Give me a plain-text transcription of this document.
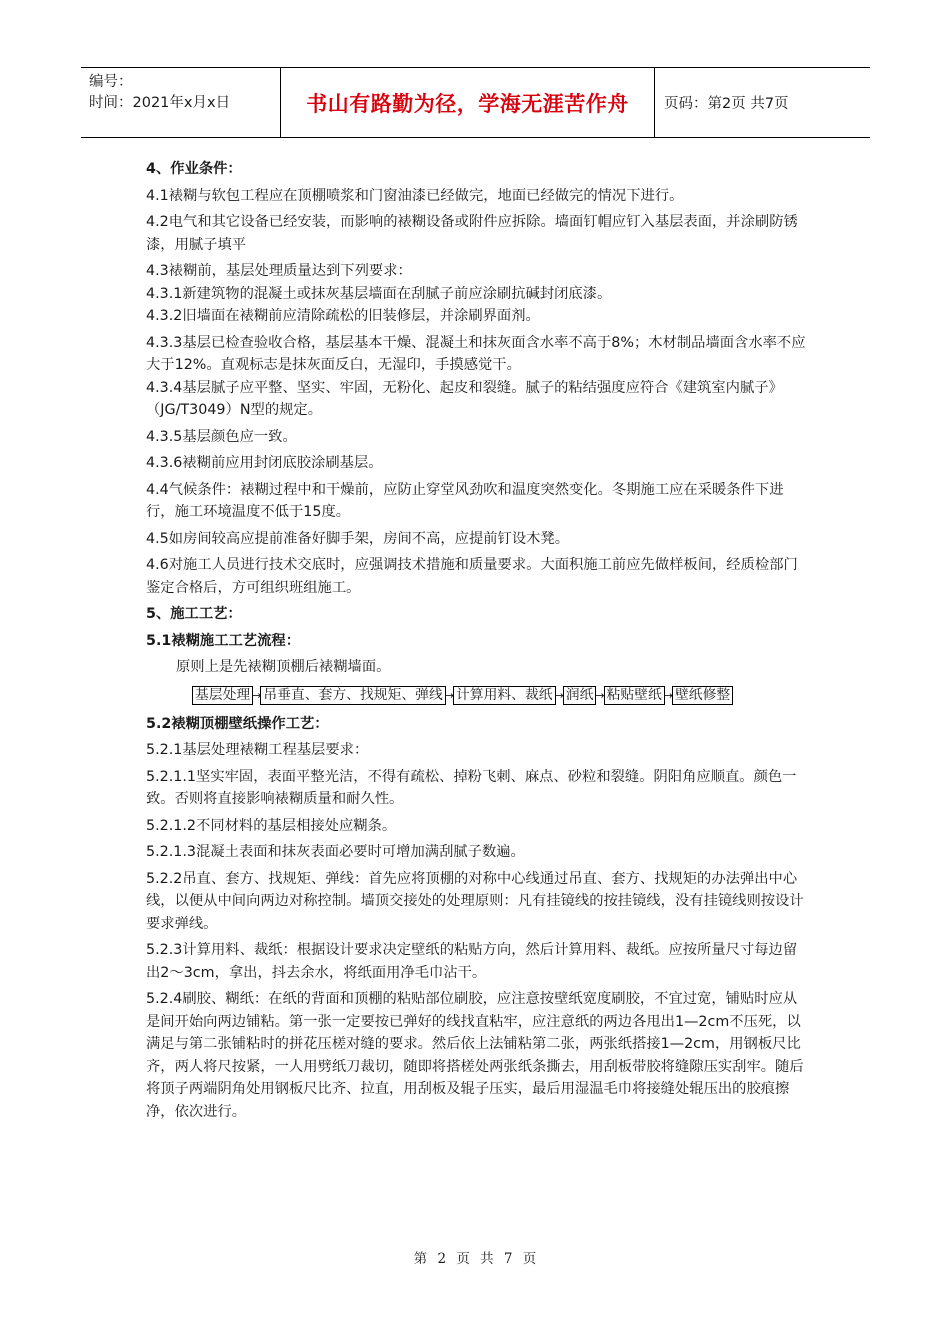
编号：
时间：2021年x月x日	书山有路勤为径，学海无涯苦作舟	页码：第2页 共7页
4、作业条件：
4.1裱糊与软包工程应在顶棚喷浆和门窗油漆已经做完，地面已经做完的情况下进行。
4.2电气和其它设备已经安装，而影响的裱糊设备或附件应拆除。墙面钉帽应钉入基层表面，并涂刷防锈漆，用腻子填平
4.3裱糊前，基层处理质量达到下列要求：
4.3.1新建筑物的混凝土或抹灰基层墙面在刮腻子前应涂刷抗碱封闭底漆。
4.3.2旧墙面在裱糊前应清除疏松的旧装修层，并涂刷界面剂。
4.3.3基层已检查验收合格，基层基本干燥、混凝土和抹灰面含水率不高于8%；木材制品墙面含水率不应大于12%。直观标志是抹灰面反白，无湿印，手摸感觉干。
4.3.4基层腻子应平整、坚实、牢固，无粉化、起皮和裂缝。腻子的粘结强度应符合《建筑室内腻子》（JG/T3049）N型的规定。
4.3.5基层颜色应一致。
4.3.6裱糊前应用封闭底胶涂刷基层。
4.4气候条件：裱糊过程中和干燥前，应防止穿堂风劲吹和温度突然变化。冬期施工应在采暖条件下进行，施工环境温度不低于15度。
4.5如房间较高应提前准备好脚手架，房间不高，应提前钉设木凳。
4.6对施工人员进行技术交底时，应强调技术措施和质量要求。大面积施工前应先做样板间，经质检部门鉴定合格后，方可组织班组施工。
5、施工工艺：
5.1裱糊施工工艺流程：
原则上是先裱糊顶棚后裱糊墙面。
基层处理 → 吊垂直、套方、找规矩、弹线 → 计算用料、裁纸 → 润纸 → 粘贴壁纸 → 壁纸修整
5.2裱糊顶棚壁纸操作工艺：
5.2.1基层处理裱糊工程基层要求：
5.2.1.1坚实牢固，表面平整光洁，不得有疏松、掉粉飞刺、麻点、砂粒和裂缝。阴阳角应顺直。颜色一致。否则将直接影响裱糊质量和耐久性。
5.2.1.2不同材料的基层相接处应糊条。
5.2.1.3混凝土表面和抹灰表面必要时可增加满刮腻子数遍。
5.2.2吊直、套方、找规矩、弹线：首先应将顶棚的对称中心线通过吊直、套方、找规矩的办法弹出中心线，以便从中间向两边对称控制。墙顶交接处的处理原则：凡有挂镜线的按挂镜线，没有挂镜线则按设计要求弹线。
5.2.3计算用料、裁纸：根据设计要求决定壁纸的粘贴方向，然后计算用料、裁纸。应按所量尺寸每边留出2～3cm，拿出，抖去余水，将纸面用净毛巾沾干。
5.2.4刷胶、糊纸：在纸的背面和顶棚的粘贴部位刷胶，应注意按壁纸宽度刷胶，不宜过宽，铺贴时应从是间开始向两边铺粘。第一张一定要按已弹好的线找直粘牢，应注意纸的两边各甩出1—2cm不压死，以满足与第二张铺粘时的拼花压槎对缝的要求。然后依上法铺粘第二张，两张纸搭接1—2cm，用钢板尺比齐，两人将尺按紧，一人用劈纸刀裁切，随即将搭槎处两张纸条撕去，用刮板带胶将缝隙压实刮牢。随后将顶子两端阴角处用钢板尺比齐、拉直，用刮板及辊子压实，最后用湿温毛巾将接缝处辊压出的胶痕擦净，依次进行。
第 2 页 共 7 页
